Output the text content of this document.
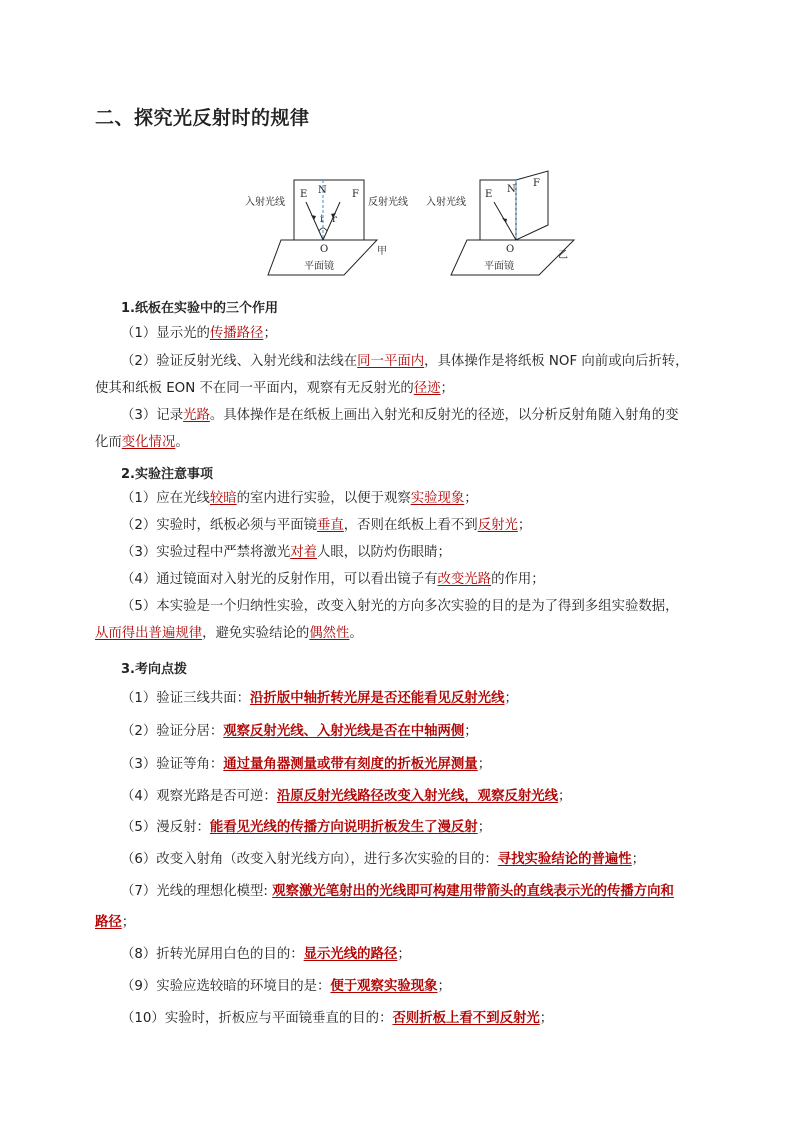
二、探究光反射时的规律
E N	F
i r
O
入射光线	反射光线
平面镜
甲
E N
F
O
入射光线
平面镜
乙
1.纸板在实验中的三个作用
（1）显示光的传播路径；
（2）验证反射光线、入射光线和法线在同一平面内，具体操作是将纸板 NOF 向前或向后折转，
使其和纸板 EON 不在同一平面内，观察有无反射光的径迹；
（3）记录光路。具体操作是在纸板上画出入射光和反射光的径迹，以分析反射角随入射角的变
化而变化情况。
2.实验注意事项
（1）应在光线较暗的室内进行实验，以便于观察实验现象；
（2）实验时，纸板必须与平面镜垂直，否则在纸板上看不到反射光；
（3）实验过程中严禁将激光对着人眼，以防灼伤眼睛；
（4）通过镜面对入射光的反射作用，可以看出镜子有改变光路的作用；
（5）本实验是一个归纳性实验，改变入射光的方向多次实验的目的是为了得到多组实验数据，
从而得出普遍规律，避免实验结论的偶然性。
3.考向点拨
（1）验证三线共面：沿折版中轴折转光屏是否还能看见反射光线；
（2）验证分居：观察反射光线、入射光线是否在中轴两侧；
（3）验证等角：通过量角器测量或带有刻度的折板光屏测量；
（4）观察光路是否可逆：沿原反射光线路径改变入射光线，观察反射光线；
（5）漫反射：能看见光线的传播方向说明折板发生了漫反射；
（6）改变入射角（改变入射光线方向），进行多次实验的目的：寻找实验结论的普遍性；
（7）光线的理想化模型: 观察激光笔射出的光线即可构建用带箭头的直线表示光的传播方向和
路径；
（8）折转光屏用白色的目的：显示光线的路径；
（9）实验应选较暗的环境目的是：便于观察实验现象；
（10）实验时，折板应与平面镜垂直的目的：否则折板上看不到反射光；
